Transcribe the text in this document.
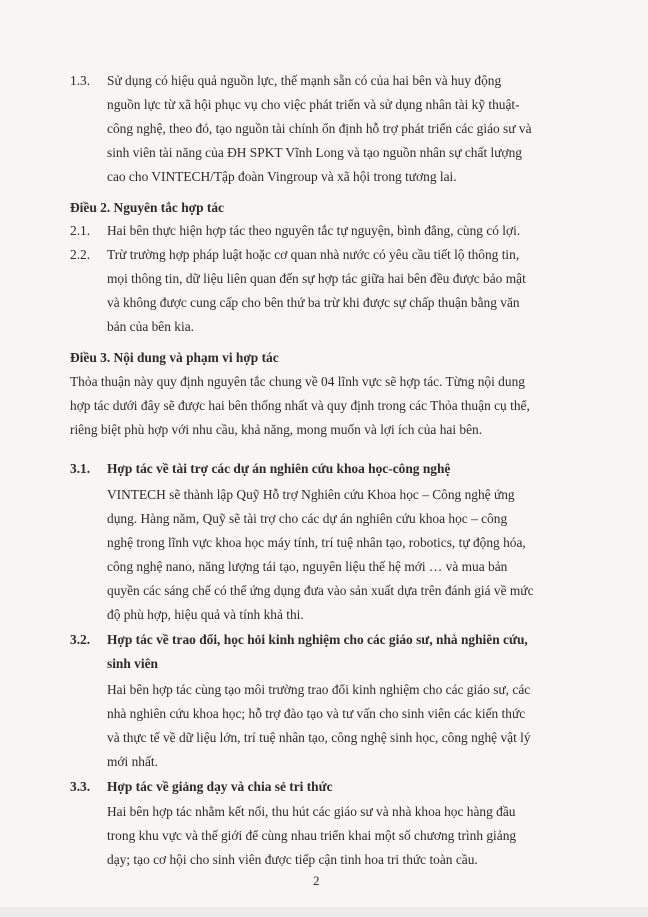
1.3. Sử dụng có hiệu quả nguồn lực, thế mạnh sẵn có của hai bên và huy động
nguồn lực từ xã hội phục vụ cho việc phát triển và sử dụng nhân tài kỹ thuật-
công nghệ, theo đó, tạo nguồn tài chính ổn định hỗ trợ phát triển các giáo sư và
sinh viên tài năng của ĐH SPKT Vĩnh Long và tạo nguồn nhân sự chất lượng
cao cho VINTECH/Tập đoàn Vingroup và xã hội trong tương lai.
Điều 2. Nguyên tắc hợp tác
2.1. Hai bên thực hiện hợp tác theo nguyên tắc tự nguyện, bình đẳng, cùng có lợi.
2.2. Trừ trường hợp pháp luật hoặc cơ quan nhà nước có yêu cầu tiết lộ thông tin,
mọi thông tin, dữ liệu liên quan đến sự hợp tác giữa hai bên đều được bảo mật
và không được cung cấp cho bên thứ ba trừ khi được sự chấp thuận bằng văn
bản của bên kia.
Điều 3. Nội dung và phạm vi hợp tác
Thỏa thuận này quy định nguyên tắc chung về 04 lĩnh vực sẽ hợp tác. Từng nội dung
hợp tác dưới đây sẽ được hai bên thống nhất và quy định trong các Thỏa thuận cụ thể,
riêng biệt phù hợp với nhu cầu, khả năng, mong muốn và lợi ích của hai bên.
3.1. Hợp tác về tài trợ các dự án nghiên cứu khoa học-công nghệ
VINTECH sẽ thành lập Quỹ Hỗ trợ Nghiên cứu Khoa học – Công nghệ ứng
dụng. Hàng năm, Quỹ sẽ tài trợ cho các dự án nghiên cứu khoa học – công
nghệ trong lĩnh vực khoa học máy tính, trí tuệ nhân tạo, robotics, tự động hóa,
công nghệ nano, năng lượng tái tạo, nguyên liệu thế hệ mới … và mua bản
quyền các sáng chế có thể ứng dụng đưa vào sản xuất dựa trên đánh giá về mức
độ phù hợp, hiệu quả và tính khả thi.
3.2. Hợp tác về trao đổi, học hỏi kinh nghiệm cho các giáo sư, nhà nghiên cứu,
sinh viên
Hai bên hợp tác cùng tạo môi trường trao đổi kinh nghiệm cho các giáo sư, các
nhà nghiên cứu khoa học; hỗ trợ đào tạo và tư vấn cho sinh viên các kiến thức
và thực tế về dữ liệu lớn, trí tuệ nhân tạo, công nghệ sinh học, công nghệ vật lý
mới nhất.
3.3. Hợp tác về giảng dạy và chia sẻ tri thức
Hai bên hợp tác nhằm kết nối, thu hút các giáo sư và nhà khoa học hàng đầu
trong khu vực và thế giới để cùng nhau triển khai một số chương trình giảng
dạy; tạo cơ hội cho sinh viên được tiếp cận tinh hoa tri thức toàn cầu.
2
